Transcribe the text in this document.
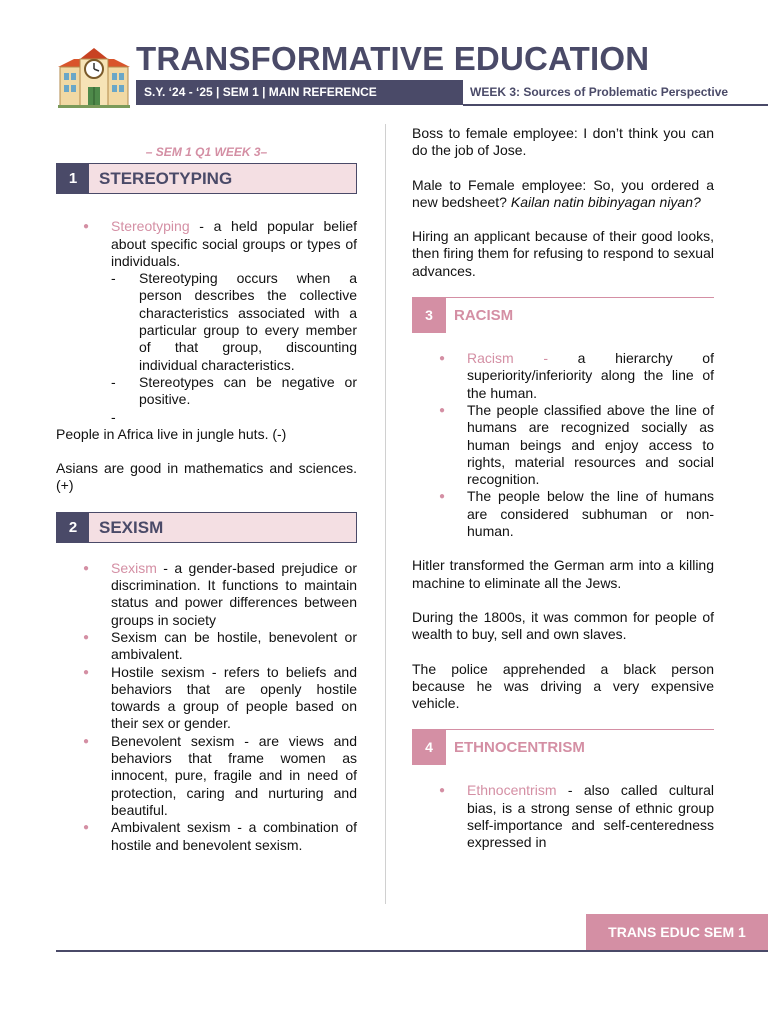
TRANSFORMATIVE EDUCATION
S.Y. ‘24 - ‘25 | SEM 1 | MAIN REFERENCE	WEEK 3: Sources of Problematic Perspective
– SEM 1 Q1 WEEK 3–
1	STEREOTYPING
● Stereotyping - a held popular belief about specific social groups or types of individuals.
- Stereotyping occurs when a person describes the collective characteristics associated with a particular group to every member of that group, discounting individual characteristics.
- Stereotypes can be negative or positive.
-

People in Africa live in jungle huts. (-)

Asians are good in mathematics and sciences. (+)

2	SEXISM
● Sexism - a gender-based prejudice or discrimination. It functions to maintain status and power differences between groups in society
● Sexism can be hostile, benevolent or ambivalent.
● Hostile sexism - refers to beliefs and behaviors that are openly hostile towards a group of people based on their sex or gender.
● Benevolent sexism - are views and behaviors that frame women as innocent, pure, fragile and in need of protection, caring and nurturing and beautiful.
● Ambivalent sexism - a combination of hostile and benevolent sexism.

Boss to female employee: I don’t think you can do the job of Jose.

Male to Female employee: So, you ordered a new bedsheet? Kailan natin bibinyagan niyan?

Hiring an applicant because of their good looks, then firing them for refusing to respond to sexual advances.

3	RACISM
● Racism - a hierarchy of superiority/inferiority along the line of the human.
● The people classified above the line of humans are recognized socially as human beings and enjoy access to rights, material resources and social recognition.
● The people below the line of humans are considered subhuman or non-human.

Hitler transformed the German arm into a killing machine to eliminate all the Jews.

During the 1800s, it was common for people of wealth to buy, sell and own slaves.

The police apprehended a black person because he was driving a very expensive vehicle.

4	ETHNOCENTRISM
● Ethnocentrism - also called cultural bias, is a strong sense of ethnic group self-importance and self-centeredness expressed in
TRANS EDUC SEM 1
